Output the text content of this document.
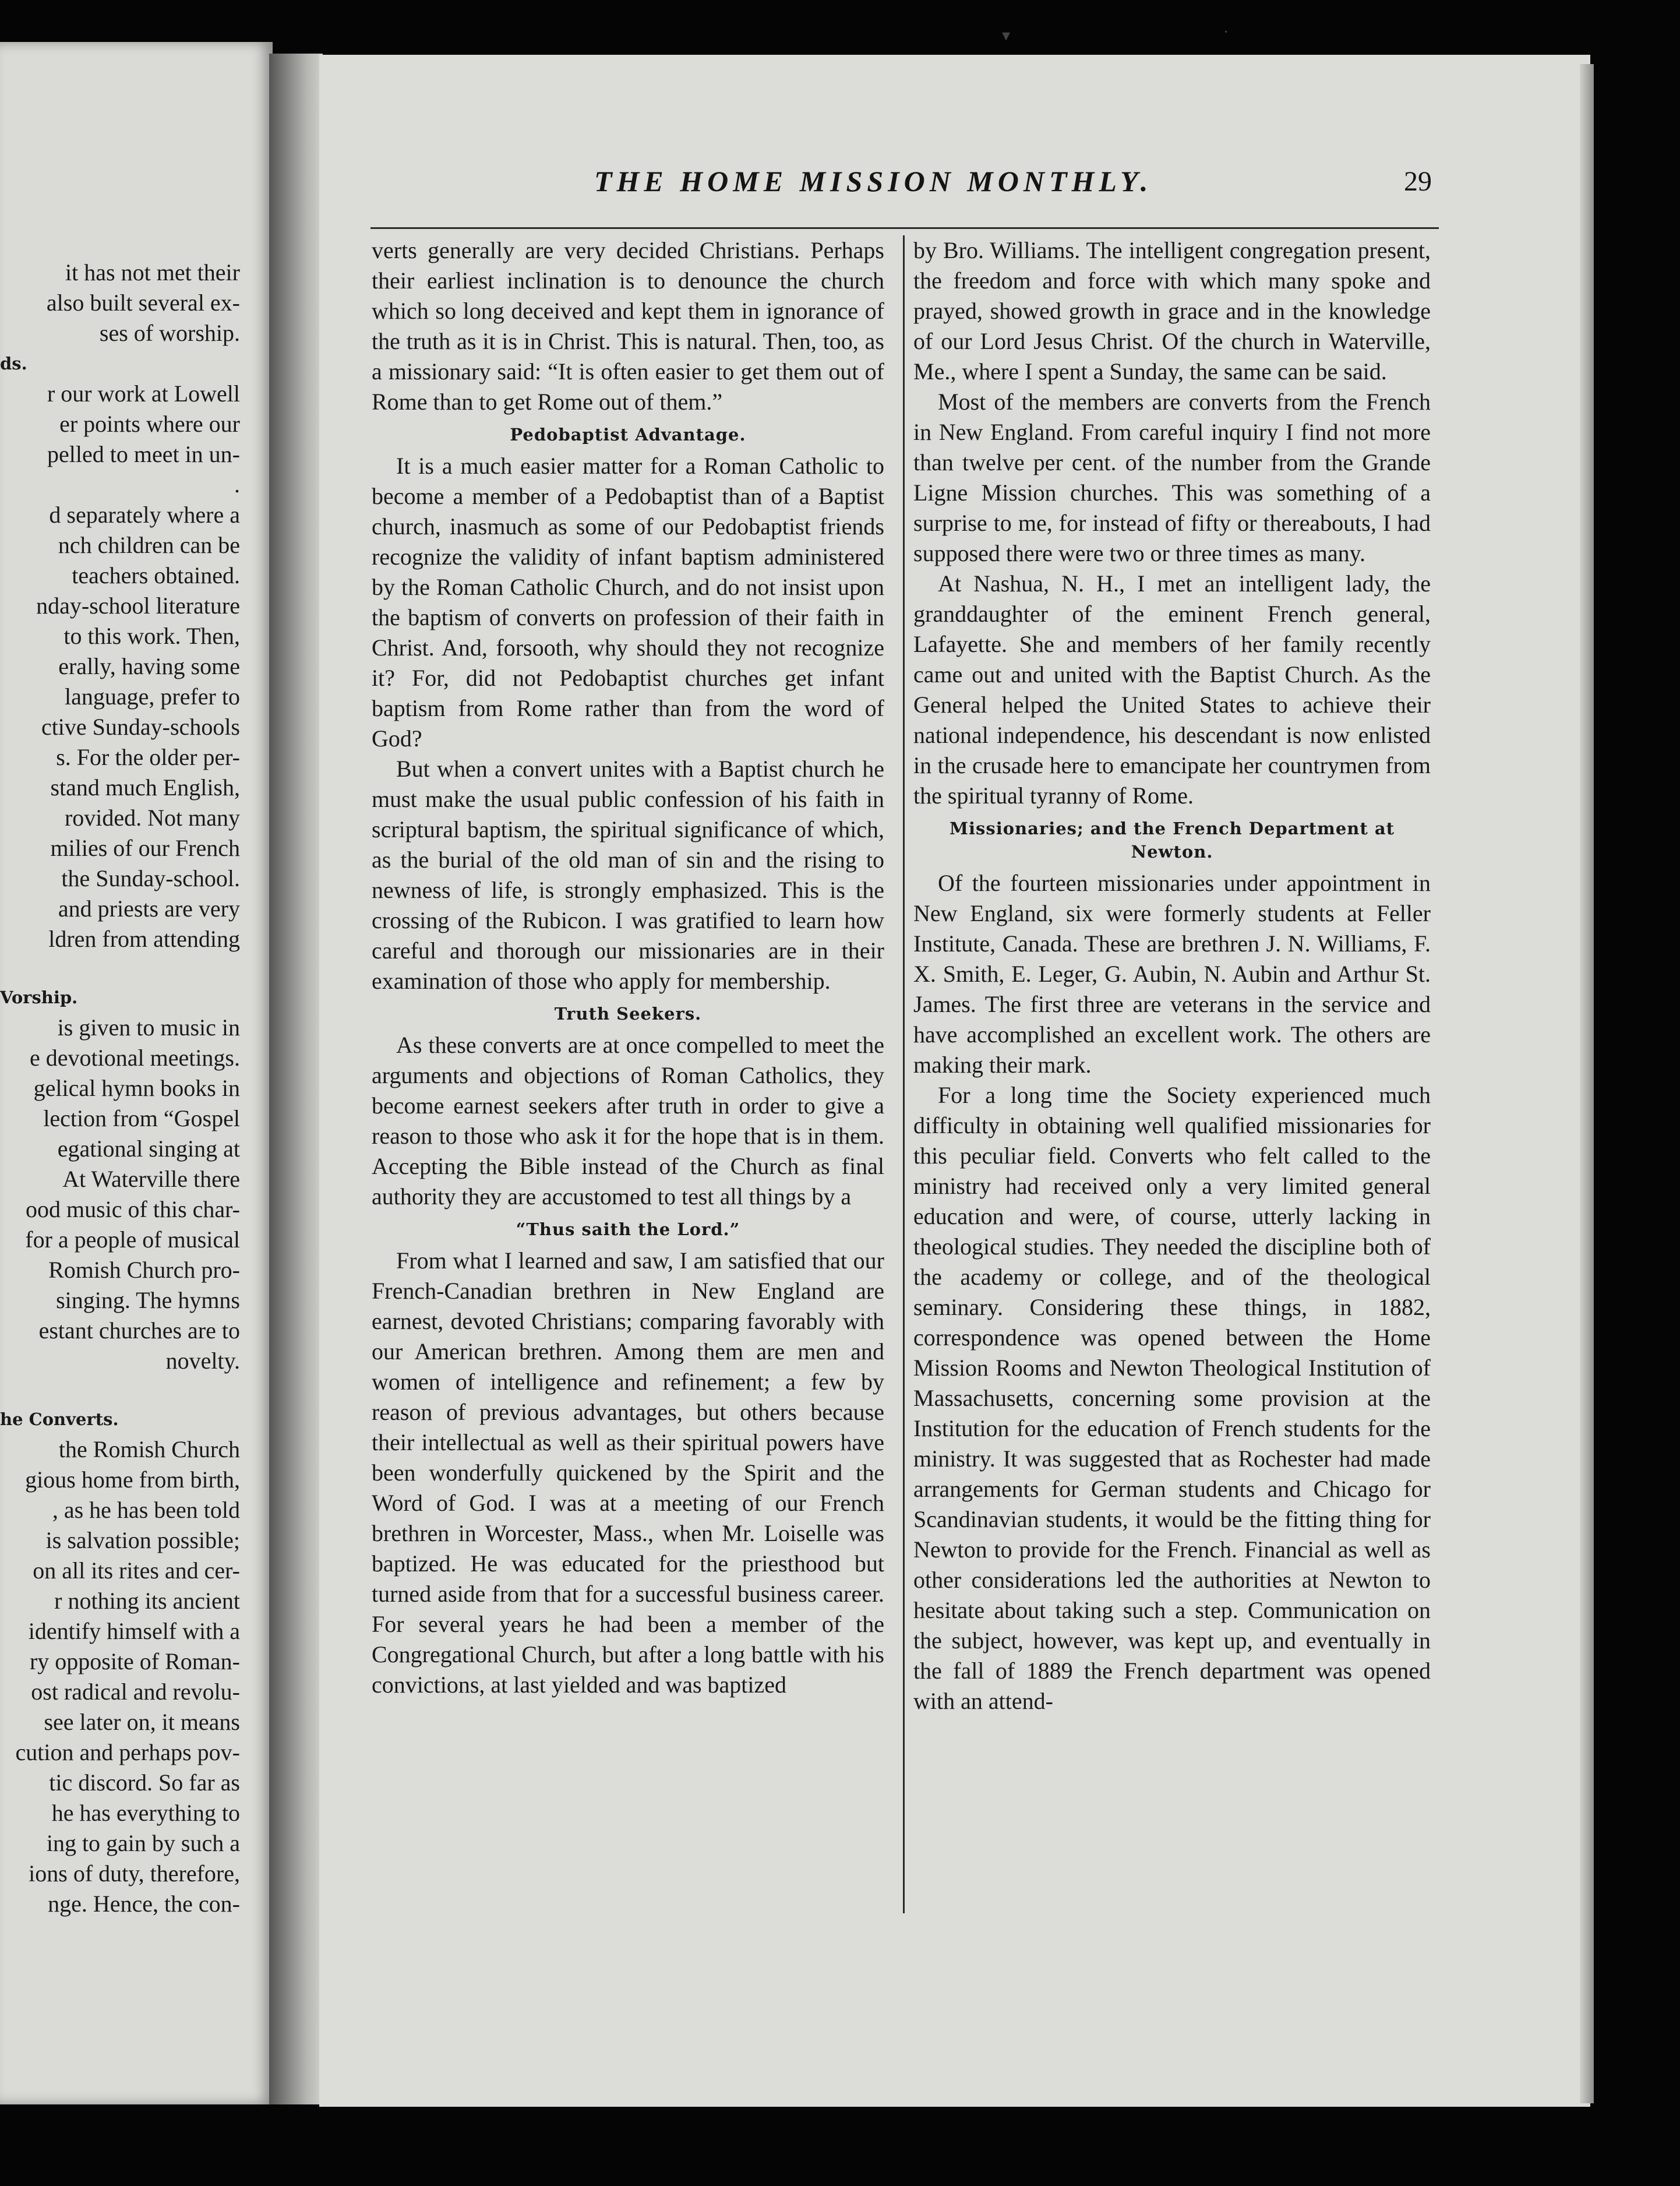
it has not met their
also built several ex-
ses of worship.
ds.
r our work at Lowell
er points where our
pelled to meet in un-
.
d separately where a
nch children can be
teachers obtained.
nday-school literature
to this work. Then,
erally, having some
language, prefer to
ctive Sunday-schools
s. For the older per-
stand much English,
rovided. Not many
milies of our French
the Sunday-school.
and priests are very
ldren from attending
Vorship.
is given to music in
e devotional meetings.
gelical hymn books in
lection from “Gospel
egational singing at
At Waterville there
ood music of this char-
for a people of musical
Romish Church pro-
singing. The hymns
estant churches are to
novelty.
he Converts.
the Romish Church
gious home from birth,
, as he has been told
is salvation possible;
on all its rites and cer-
r nothing its ancient
identify himself with a
ry opposite of Roman-
ost radical and revolu-
see later on, it means
cution and perhaps pov-
tic discord. So far as
he has everything to
ing to gain by such a
ions of duty, therefore,
nge. Hence, the con-
THE HOME MISSION MONTHLY.	29

verts generally are very decided Christians. Perhaps their earliest inclination is to denounce the church which so long deceived and kept them in ignorance of the truth as it is in Christ. This is natural. Then, too, as a missionary said: “It is often easier to get them out of Rome than to get Rome out of them.”

Pedobaptist Advantage.

It is a much easier matter for a Roman Catholic to become a member of a Pedobaptist than of a Baptist church, inasmuch as some of our Pedobaptist friends recognize the validity of infant baptism administered by the Roman Catholic Church, and do not insist upon the baptism of converts on profession of their faith in Christ. And, forsooth, why should they not recognize it? For, did not Pedobaptist churches get infant baptism from Rome rather than from the word of God?

But when a convert unites with a Baptist church he must make the usual public confession of his faith in scriptural baptism, the spiritual significance of which, as the burial of the old man of sin and the rising to newness of life, is strongly emphasized. This is the crossing of the Rubicon. I was gratified to learn how careful and thorough our missionaries are in their examination of those who apply for membership.

Truth Seekers.

As these converts are at once compelled to meet the arguments and objections of Roman Catholics, they become earnest seekers after truth in order to give a reason to those who ask it for the hope that is in them. Accepting the Bible instead of the Church as final authority they are accustomed to test all things by a

“Thus saith the Lord.”

From what I learned and saw, I am satisfied that our French-Canadian brethren in New England are earnest, devoted Christians; comparing favorably with our American brethren. Among them are men and women of intelligence and refinement; a few by reason of previous advantages, but others because their intellectual as well as their spiritual powers have been wonderfully quickened by the Spirit and the Word of God. I was at a meeting of our French brethren in Worcester, Mass., when Mr. Loiselle was baptized. He was educated for the priesthood but turned aside from that for a successful business career. For several years he had been a member of the Congregational Church, but after a long battle with his convictions, at last yielded and was baptized

by Bro. Williams. The intelligent congregation present, the freedom and force with which many spoke and prayed, showed growth in grace and in the knowledge of our Lord Jesus Christ. Of the church in Waterville, Me., where I spent a Sunday, the same can be said.

Most of the members are converts from the French in New England. From careful inquiry I find not more than twelve per cent. of the number from the Grande Ligne Mission churches. This was something of a surprise to me, for instead of fifty or thereabouts, I had supposed there were two or three times as many.

At Nashua, N. H., I met an intelligent lady, the granddaughter of the eminent French general, Lafayette. She and members of her family recently came out and united with the Baptist Church. As the General helped the United States to achieve their national independence, his descendant is now enlisted in the crusade here to emancipate her countrymen from the spiritual tyranny of Rome.

Missionaries; and the French Department at Newton.

Of the fourteen missionaries under appointment in New England, six were formerly students at Feller Institute, Canada. These are brethren J. N. Williams, F. X. Smith, E. Leger, G. Aubin, N. Aubin and Arthur St. James. The first three are veterans in the service and have accomplished an excellent work. The others are making their mark.

For a long time the Society experienced much difficulty in obtaining well qualified missionaries for this peculiar field. Converts who felt called to the ministry had received only a very limited general education and were, of course, utterly lacking in theological studies. They needed the discipline both of the academy or college, and of the theological seminary. Considering these things, in 1882, correspondence was opened between the Home Mission Rooms and Newton Theological Institution of Massachusetts, concerning some provision at the Institution for the education of French students for the ministry. It was suggested that as Rochester had made arrangements for German students and Chicago for Scandinavian students, it would be the fitting thing for Newton to provide for the French. Financial as well as other considerations led the authorities at Newton to hesitate about taking such a step. Communication on the subject, however, was kept up, and eventually in the fall of 1889 the French department was opened with an attend-

▾	·
